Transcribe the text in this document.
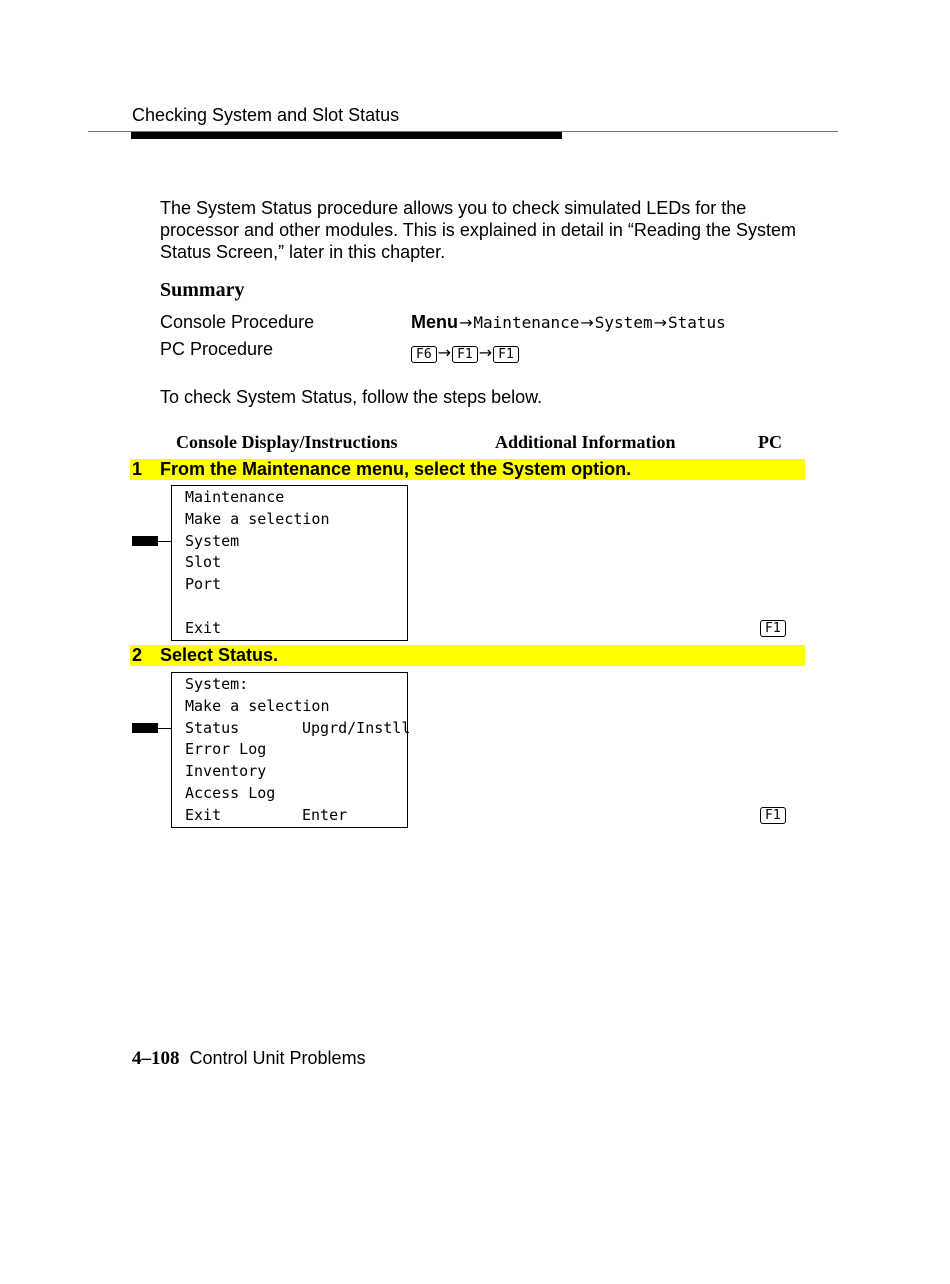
Checking System and Slot Status
The System Status procedure allows you to check simulated LEDs for the processor and other modules. This is explained in detail in “Reading the System Status Screen,” later in this chapter.
Summary
Console Procedure	Menu→Maintenance→System→Status
PC Procedure	F6 → F1 → F1
To check System Status, follow the steps below.
Console Display/Instructions	Additional Information	PC
1 From the Maintenance menu, select the System option.
Maintenance
Make a selection
System
Slot
Port
Exit	F1
2 Select Status.
System:
Make a selection
Status	Upgrd/Instll
Error Log
Inventory
Access Log
Exit	Enter	F1
4–108 Control Unit Problems
